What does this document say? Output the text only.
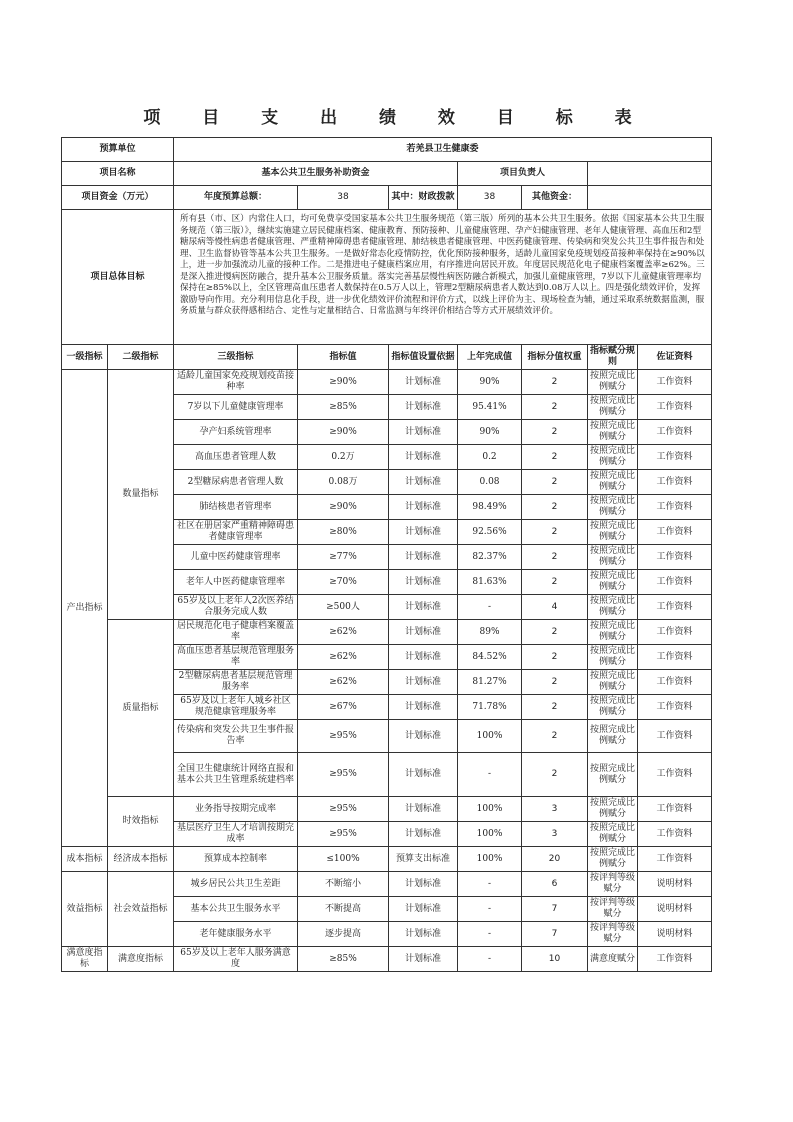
项 目 支 出 绩 效 目 标 表
预算单位		若羌县卫生健康委						
项目名称		基本公共卫生服务补助资金			项目负责人			
项目资金（万元）		年度预算总额：	38	其中：财政拨款	38	其他资金：		
项目总体目标		所有县（市、区）内常住人口，均可免费享受国家基本公共卫生服务规范（第三版）所列的基本公共卫生服务。依据《国家基本公共卫生服务规范（第三版）》，继续实施建立居民健康档案、健康教育、预防接种、儿童健康管理、孕产妇健康管理、老年人健康管理、高血压和2型糖尿病等慢性病患者健康管理、严重精神障碍患者健康管理、肺结核患者健康管理、中医药健康管理、传染病和突发公共卫生事件报告和处理、卫生监督协管等基本公共卫生服务。一是做好常态化疫情防控，优化预防接种服务，适龄儿童国家免疫规划疫苗接种率保持在≥90%以上，进一步加强流动儿童的接种工作。二是推进电子健康档案应用，有序推进向居民开放。年度居民规范化电子健康档案覆盖率≥62%。三是深入推进慢病医防融合，提升基本公卫服务质量。落实完善基层慢性病医防融合新模式，加强儿童健康管理，7岁以下儿童健康管理率均保持在≥85%以上，全区管理高血压患者人数保持在0.5万人以上，管理2型糖尿病患者人数达到0.08万人以上。四是强化绩效评价，发挥激励导向作用。充分利用信息化手段，进一步优化绩效评价流程和评价方式，以线上评价为主、现场检查为辅，通过采取系统数据监测，服务质量与群众获得感相结合、定性与定量相结合、日常监测与年终评价相结合等方式开展绩效评价。						
一级指标	二级指标	三级指标	指标值	指标值设置依据	上年完成值	指标分值权重	指标赋分规则	佐证资料
产出指标	数量指标	适龄儿童国家免疫规划疫苗接种率	≥90%	计划标准	90%	2	按照完成比例赋分	工作资料
		7岁以下儿童健康管理率	≥85%	计划标准	95.41%	2	按照完成比例赋分	工作资料
		孕产妇系统管理率	≥90%	计划标准	90%	2	按照完成比例赋分	工作资料
		高血压患者管理人数	0.2万	计划标准	0.2	2	按照完成比例赋分	工作资料
		2型糖尿病患者管理人数	0.08万	计划标准	0.08	2	按照完成比例赋分	工作资料
		肺结核患者管理率	≥90%	计划标准	98.49%	2	按照完成比例赋分	工作资料
		社区在册居家严重精神障碍患者健康管理率	≥80%	计划标准	92.56%	2	按照完成比例赋分	工作资料
		儿童中医药健康管理率	≥77%	计划标准	82.37%	2	按照完成比例赋分	工作资料
		老年人中医药健康管理率	≥70%	计划标准	81.63%	2	按照完成比例赋分	工作资料
		65岁及以上老年人2次医养结合服务完成人数	≥500人	计划标准	-	4	按照完成比例赋分	工作资料
	质量指标	居民规范化电子健康档案覆盖率	≥62%	计划标准	89%	2	按照完成比例赋分	工作资料
		高血压患者基层规范管理服务率	≥62%	计划标准	84.52%	2	按照完成比例赋分	工作资料
		2型糖尿病患者基层规范管理服务率	≥62%	计划标准	81.27%	2	按照完成比例赋分	工作资料
		65岁及以上老年人城乡社区规范健康管理服务率	≥67%	计划标准	71.78%	2	按照完成比例赋分	工作资料
		传染病和突发公共卫生事件报告率	≥95%	计划标准	100%	2	按照完成比例赋分	工作资料
		全国卫生健康统计网络直报和基本公共卫生管理系统建档率	≥95%	计划标准	-	2	按照完成比例赋分	工作资料
	时效指标	业务指导按期完成率	≥95%	计划标准	100%	3	按照完成比例赋分	工作资料
		基层医疗卫生人才培训按期完成率	≥95%	计划标准	100%	3	按照完成比例赋分	工作资料
成本指标	经济成本指标	预算成本控制率	≤100%	预算支出标准	100%	20	按照完成比例赋分	工作资料
效益指标	社会效益指标	城乡居民公共卫生差距	不断缩小	计划标准	-	6	按评判等级赋分	说明材料
		基本公共卫生服务水平	不断提高	计划标准	-	7	按评判等级赋分	说明材料
		老年健康服务水平	逐步提高	计划标准	-	7	按评判等级赋分	说明材料
满意度指标	满意度指标	65岁及以上老年人服务满意度	≥85%	计划标准	-	10	满意度赋分	工作资料
